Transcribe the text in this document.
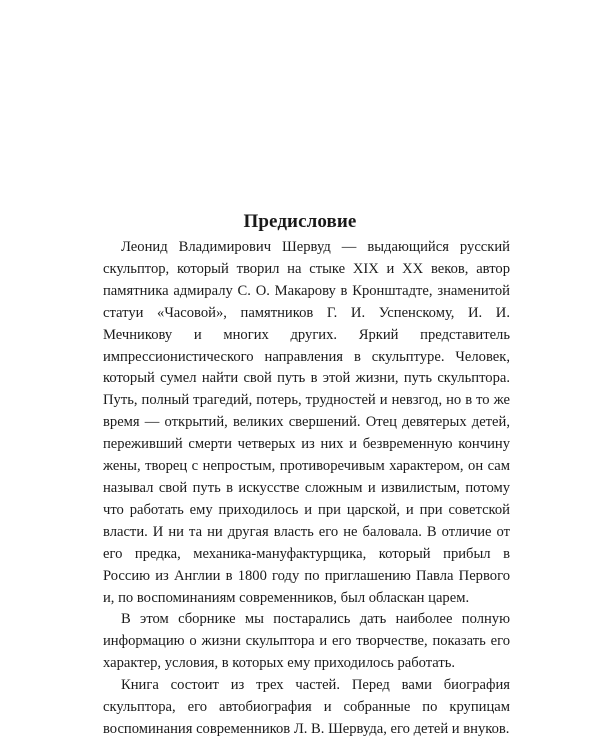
Предисловие

Леонид Владимирович Шервуд — выдающийся русский скульптор, который творил на стыке XIX и XX веков, автор памятника адмиралу С. О. Макарову в Кронштадте, знаменитой статуи «Часовой», памятников Г. И. Успенскому, И. И. Мечникову и многих других. Яркий представитель импрессионистического направления в скульптуре. Человек, который сумел найти свой путь в этой жизни, путь скульптора. Путь, полный трагедий, потерь, трудностей и невзгод, но в то же время — открытий, великих свершений. Отец девятерых детей, переживший смерти четверых из них и безвременную кончину жены, творец с непростым, противоречивым характером, он сам называл свой путь в искусстве сложным и извилистым, потому что работать ему приходилось и при царской, и при советской власти. И ни та ни другая власть его не баловала. В отличие от его предка, механика-мануфактурщика, который прибыл в Россию из Англии в 1800 году по приглашению Павла Первого и, по воспоминаниям современников, был обласкан царем.

В этом сборнике мы постарались дать наиболее полную информацию о жизни скульптора и его творчестве, показать его характер, условия, в которых ему приходилось работать.

Книга состоит из трех частей. Перед вами биография скульптора, его автобиография и собранные по крупицам воспоминания современников Л. В. Шервуда, его детей и внуков.
